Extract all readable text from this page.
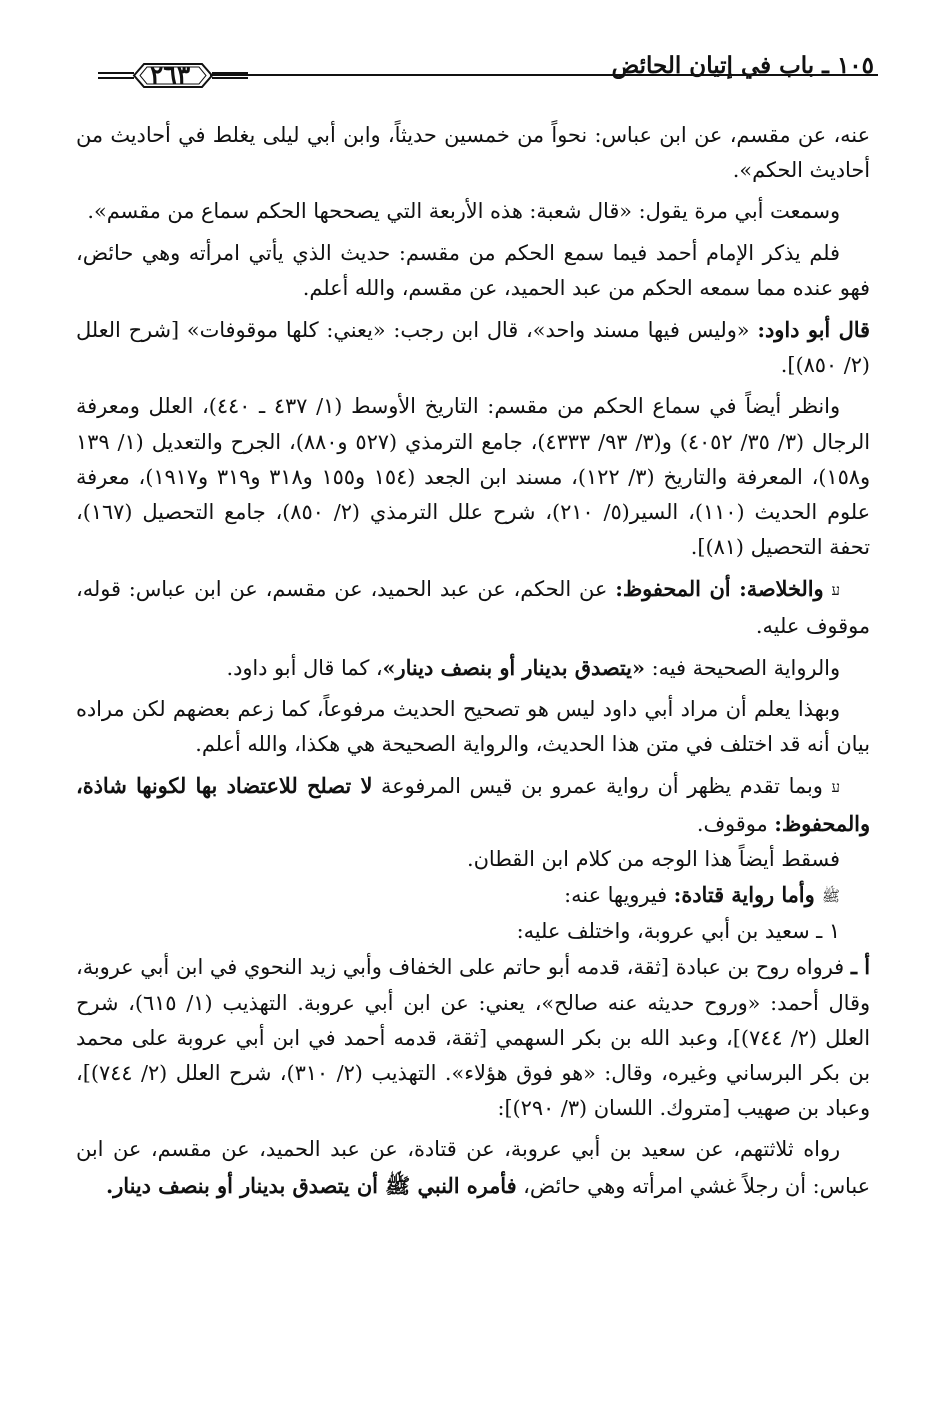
١٠٥ ـ باب في إتيان الحائض
٢٦٣

عنه، عن مقسم، عن ابن عباس: نحواً من خمسين حديثاً، وابن أبي ليلى يغلط في أحاديث من أحاديث الحكم».

وسمعت أبي مرة يقول: «قال شعبة: هذه الأربعة التي يصححها الحكم سماع من مقسم».

فلم يذكر الإمام أحمد فيما سمع الحكم من مقسم: حديث الذي يأتي امرأته وهي حائض، فهو عنده مما سمعه الحكم من عبد الحميد، عن مقسم، والله أعلم.

قال أبو داود: «وليس فيها مسند واحد»، قال ابن رجب: «يعني: كلها موقوفات» [شرح العلل (٢/ ٨٥٠)].

وانظر أيضاً في سماع الحكم من مقسم: التاريخ الأوسط (١/ ٤٣٧ ـ ٤٤٠)، العلل ومعرفة الرجال (٣/ ٣٥/ ٤٠٥٢) و(٣/ ٩٣/ ٤٣٣٣)، جامع الترمذي (٥٢٧ و٨٨٠)، الجرح والتعديل (١/ ١٣٩ و١٥٨)، المعرفة والتاريخ (٣/ ١٢٢)، مسند ابن الجعد (١٥٤ و١٥٥ و٣١٨ و٣١٩ و١٩١٧)، معرفة علوم الحديث (١١٠)، السير(٥/ ٢١٠)، شرح علل الترمذي (٢/ ٨٥٠)، جامع التحصيل (١٦٧)، تحفة التحصيل (٨١)].

ﬠ والخلاصة: أن المحفوظ: عن الحكم، عن عبد الحميد، عن مقسم، عن ابن عباس: قوله، موقوف عليه.

والرواية الصحيحة فيه: «يتصدق بدينار أو بنصف دينار»، كما قال أبو داود.

وبهذا يعلم أن مراد أبي داود ليس هو تصحيح الحديث مرفوعاً، كما زعم بعضهم لكن مراده بيان أنه قد اختلف في متن هذا الحديث، والرواية الصحيحة هي هكذا، والله أعلم.

ﬠ وبما تقدم يظهر أن رواية عمرو بن قيس المرفوعة لا تصلح للاعتضاد بها لكونها شاذة، والمحفوظ: موقوف.

فسقط أيضاً هذا الوجه من كلام ابن القطان.

ﷺ وأما رواية قتادة: فيرويها عنه:

١ ـ سعيد بن أبي عروبة، واختلف عليه:

أ ـ فرواه روح بن عبادة [ثقة، قدمه أبو حاتم على الخفاف وأبي زيد النحوي في ابن أبي عروبة، وقال أحمد: «وروح حديثه عنه صالح»، يعني: عن ابن أبي عروبة. التهذيب (١/ ٦١٥)، شرح العلل (٢/ ٧٤٤)]، وعبد الله بن بكر السهمي [ثقة، قدمه أحمد في ابن أبي عروبة على محمد بن بكر البرساني وغيره، وقال: «هو فوق هؤلاء». التهذيب (٢/ ٣١٠)، شرح العلل (٢/ ٧٤٤)]، وعباد بن صهيب [متروك. اللسان (٣/ ٢٩٠)]:

رواه ثلاثتهم، عن سعيد بن أبي عروبة، عن قتادة، عن عبد الحميد، عن مقسم، عن ابن عباس: أن رجلاً غشي امرأته وهي حائض، فأمره النبي ﷺ أن يتصدق بدينار أو بنصف دينار.
